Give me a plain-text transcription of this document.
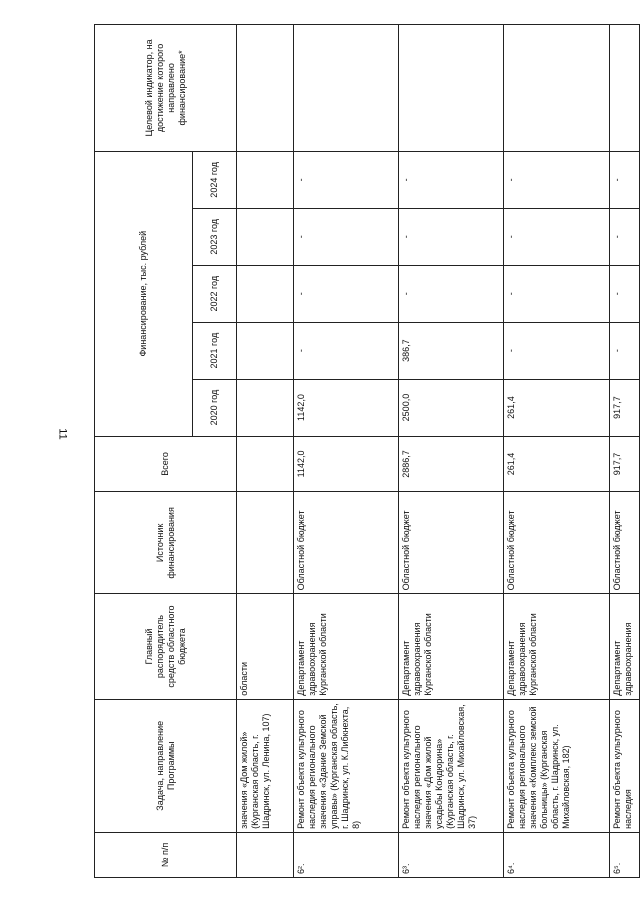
11
№ п/п	Задача, направление Программы	Главный распорядитель средств областного бюджета	Источник финансирования	Всего	Финансирование, тыс. рублей					Целевой индикатор, на достижение которого направлено финансирование*
					2020 год	2021 год	2022 год	2023 год	2024 год	
	значения «Дом жилой» (Курганская область, г. Шадринск, ул. Ленина, 107)	области								
6².	Ремонт объекта культурного наследия регионального значения «Здание Земской управы» (Курганская область, г. Шадринск, ул. К.Либкнехта, 8)	Департамент здравоохранения Курганской области	Областной бюджет	1142,0	1142,0	-	-	-	-	
6³.	Ремонт объекта культурного наследия регионального значения «Дом жилой усадьбы Кондюрина» (Курганская область, г. Шадринск, ул. Михайловская, 37)	Департамент здравоохранения Курганской области	Областной бюджет	2886,7	2500,0	386,7	-	-	-	
6⁴.	Ремонт объекта культурного наследия регионального значения «Комплекс земской больницы» (Курганская область, г. Шадринск, ул. Михайловская, 182)	Департамент здравоохранения Курганской области	Областной бюджет	261,4	261,4	-	-	-	-	
6⁵.	Ремонт объекта культурного наследия	Департамент здравоохранения	Областной бюджет	917,7	917,7	-	-	-	-	
